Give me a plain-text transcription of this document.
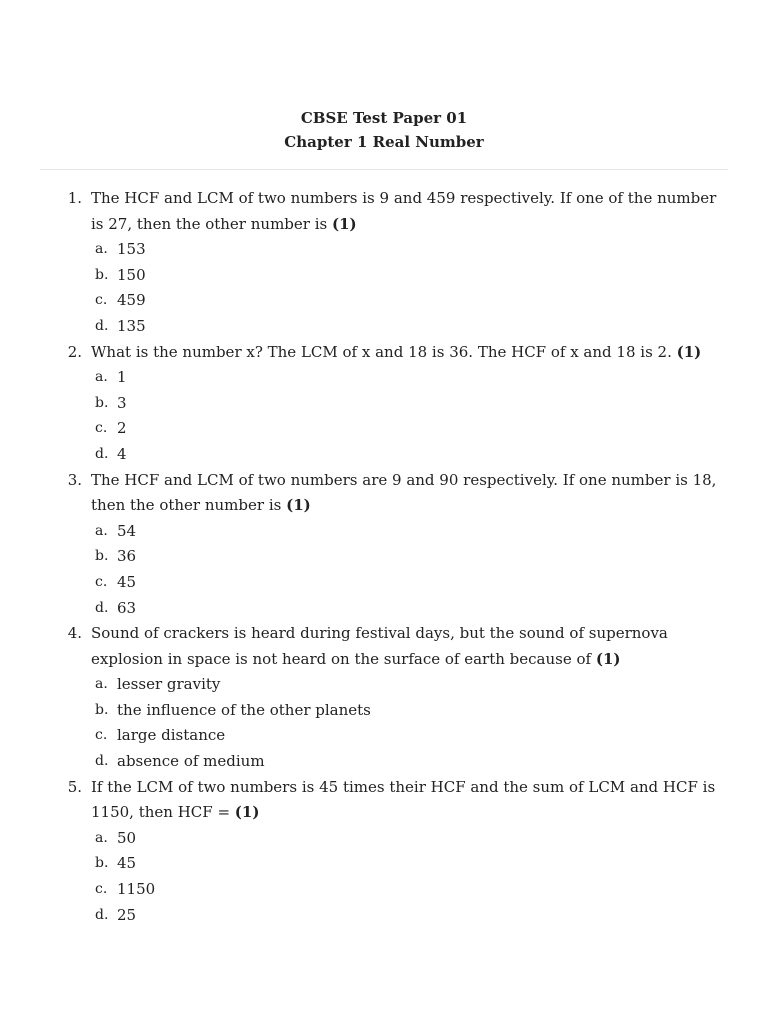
CBSE Test Paper 01
Chapter 1 Real Number
1. The HCF and LCM of two numbers is 9 and 459 respectively. If one of the number is 27, then the other number is (1)
a. 153
b. 150
c. 459
d. 135
2. What is the number x? The LCM of x and 18 is 36. The HCF of x and 18 is 2. (1)
a. 1
b. 3
c. 2
d. 4
3. The HCF and LCM of two numbers are 9 and 90 respectively. If one number is 18, then the other number is (1)
a. 54
b. 36
c. 45
d. 63
4. Sound of crackers is heard during festival days, but the sound of supernova explosion in space is not heard on the surface of earth because of (1)
a. lesser gravity
b. the influence of the other planets
c. large distance
d. absence of medium
5. If the LCM of two numbers is 45 times their HCF and the sum of LCM and HCF is 1150, then HCF = (1)
a. 50
b. 45
c. 1150
d. 25
